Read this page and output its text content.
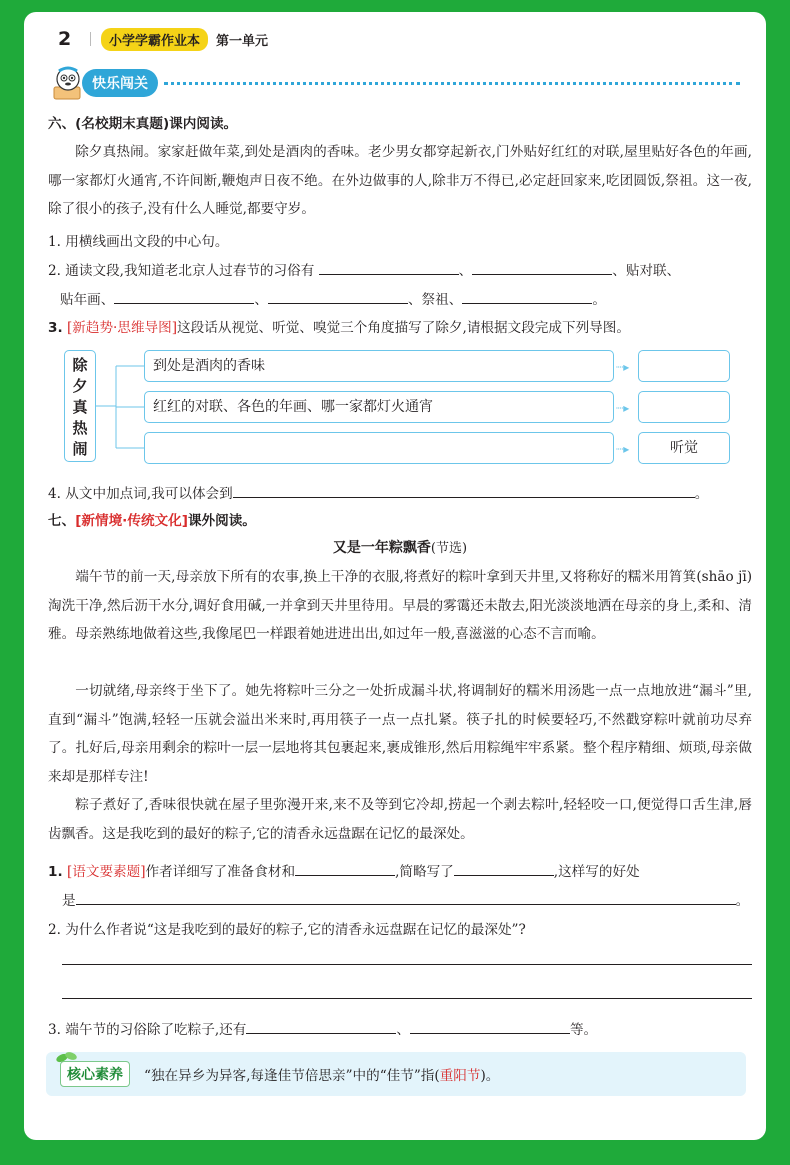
2	小学学霸作业本	第一单元
快乐闯关
六、(名校期末真题)课内阅读。
除夕真热闹。家家赶做年菜,到处是酒肉的香味。老少男女都穿起新衣,门外贴好红红的对联,屋里贴好各色的年画,哪一家都灯火通宵,不许间断,鞭炮声日夜不绝。在外边做事的人,除非万不得已,必定赶回家来,吃团圆饭,祭祖。这一夜,除了很小的孩子,没有什么人睡觉,都要守岁。
1. 用横线画出文段的中心句。
2. 通读文段,我知道老北京人过春节的习俗有	、	、贴对联、
贴年画、	、	、祭祖、	。
3. [新趋势·思维导图]这段话从视觉、听觉、嗅觉三个角度描写了除夕,请根据文段完成下列导图。
除夕真热闹
到处是酒肉的香味	┈▸
红红的对联、各色的年画、哪一家都灯火通宵	┈▸
┈▸	听觉
4. 从文中加点词,我可以体会到	。
七、[新情境·传统文化]课外阅读。
又是一年粽飘香(节选)
端午节的前一天,母亲放下所有的农事,换上干净的衣服,将煮好的粽叶拿到天井里,又将称好的糯米用筲箕(shāo jī)淘洗干净,然后沥干水分,调好食用碱,一并拿到天井里待用。早晨的雾霭还未散去,阳光淡淡地洒在母亲的身上,柔和、清雅。母亲熟练地做着这些,我像尾巴一样跟着她进进出出,如过年一般,喜滋滋的心态不言而喻。
一切就绪,母亲终于坐下了。她先将粽叶三分之一处折成漏斗状,将调制好的糯米用汤匙一点一点地放进“漏斗”里,直到“漏斗”饱满,轻轻一压就会溢出米来时,再用筷子一点一点扎紧。筷子扎的时候要轻巧,不然戳穿粽叶就前功尽弃了。扎好后,母亲用剩余的粽叶一层一层地将其包裹起来,裹成锥形,然后用粽绳牢牢系紧。整个程序精细、烦琐,母亲做来却是那样专注!
粽子煮好了,香味很快就在屋子里弥漫开来,来不及等到它冷却,捞起一个剥去粽叶,轻轻咬一口,便觉得口舌生津,唇齿飘香。这是我吃到的最好的粽子,它的清香永远盘踞在记忆的最深处。
1. [语文要素题]作者详细写了准备食材和	,简略写了	,这样写的好处
是	。
2. 为什么作者说“这是我吃到的最好的粽子,它的清香永远盘踞在记忆的最深处”?
3. 端午节的习俗除了吃粽子,还有	、	等。
核心素养	“独在异乡为异客,每逢佳节倍思亲”中的“佳节”指( 重阳节 )。
